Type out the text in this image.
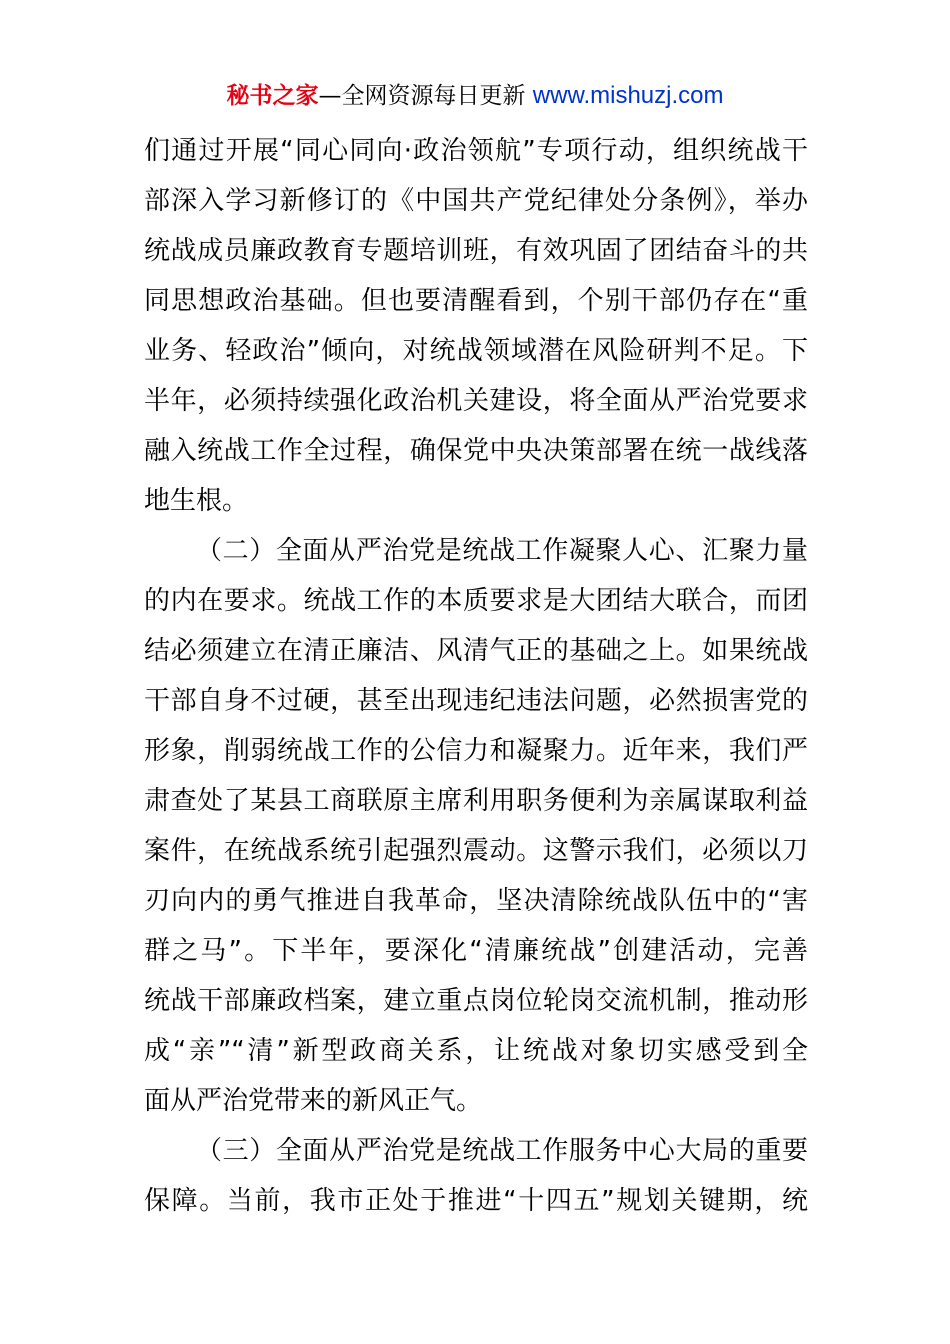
秘书之家—全网资源每日更新 www.mishuzj.com
们通过开展“同心同向·政治领航”专项行动，组织统战干
部深入学习新修订的《中国共产党纪律处分条例》，举办
统战成员廉政教育专题培训班，有效巩固了团结奋斗的共
同思想政治基础。但也要清醒看到，个别干部仍存在“重
业务、轻政治”倾向，对统战领域潜在风险研判不足。下
半年，必须持续强化政治机关建设，将全面从严治党要求
融入统战工作全过程，确保党中央决策部署在统一战线落
地生根。
（二）全面从严治党是统战工作凝聚人心、汇聚力量
的内在要求。统战工作的本质要求是大团结大联合，而团
结必须建立在清正廉洁、风清气正的基础之上。如果统战
干部自身不过硬，甚至出现违纪违法问题，必然损害党的
形象，削弱统战工作的公信力和凝聚力。近年来，我们严
肃查处了某县工商联原主席利用职务便利为亲属谋取利益
案件，在统战系统引起强烈震动。这警示我们，必须以刀
刃向内的勇气推进自我革命，坚决清除统战队伍中的“害
群之马”。下半年，要深化“清廉统战”创建活动，完善
统战干部廉政档案，建立重点岗位轮岗交流机制，推动形
成“亲”“清”新型政商关系，让统战对象切实感受到全
面从严治党带来的新风正气。
（三）全面从严治党是统战工作服务中心大局的重要
保障。当前，我市正处于推进“十四五”规划关键期，统
